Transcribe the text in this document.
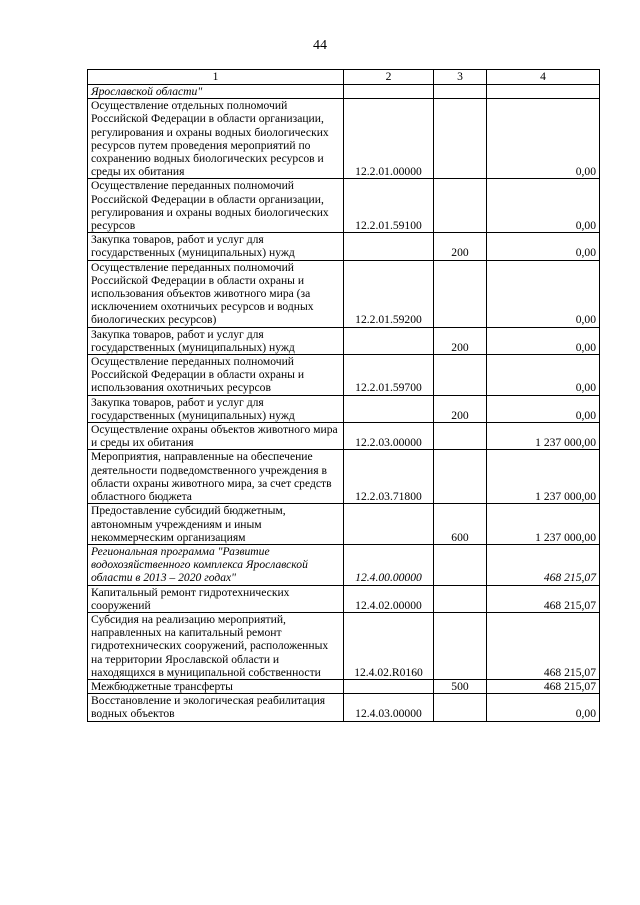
44
1	2	3	4
Ярославской области"			
Осуществление отдельных полномочий Российской Федерации в области организации, регулирования и охраны водных биологических ресурсов путем проведения мероприятий по сохранению водных биологических ресурсов и среды их обитания	12.2.01.00000		0,00
Осуществление переданных полномочий Российской Федерации в области организации, регулирования и охраны водных биологических ресурсов	12.2.01.59100		0,00
Закупка товаров, работ и услуг для государственных (муниципальных) нужд		200	0,00
Осуществление переданных полномочий Российской Федерации в области охраны и использования объектов животного мира (за исключением охотничьих ресурсов и водных биологических ресурсов)	12.2.01.59200		0,00
Закупка товаров, работ и услуг для государственных (муниципальных) нужд		200	0,00
Осуществление переданных полномочий Российской Федерации в области охраны и использования охотничьих ресурсов	12.2.01.59700		0,00
Закупка товаров, работ и услуг для государственных (муниципальных) нужд		200	0,00
Осуществление охраны объектов животного мира и среды их обитания	12.2.03.00000		1 237 000,00
Мероприятия, направленные на обеспечение деятельности подведомственного учреждения в области охраны животного мира, за счет средств областного бюджета	12.2.03.71800		1 237 000,00
Предоставление субсидий бюджетным, автономным учреждениям и иным некоммерческим организациям		600	1 237 000,00
Региональная программа "Развитие водохозяйственного комплекса Ярославской области в 2013 – 2020 годах"	12.4.00.00000		468 215,07
Капитальный ремонт гидротехнических сооружений	12.4.02.00000		468 215,07
Субсидия на реализацию мероприятий, направленных на капитальный ремонт гидротехнических сооружений, расположенных на территории Ярославской области и находящихся в муниципальной собственности	12.4.02.R0160		468 215,07
Межбюджетные трансферты		500	468 215,07
Восстановление и экологическая реабилитация водных объектов	12.4.03.00000		0,00
